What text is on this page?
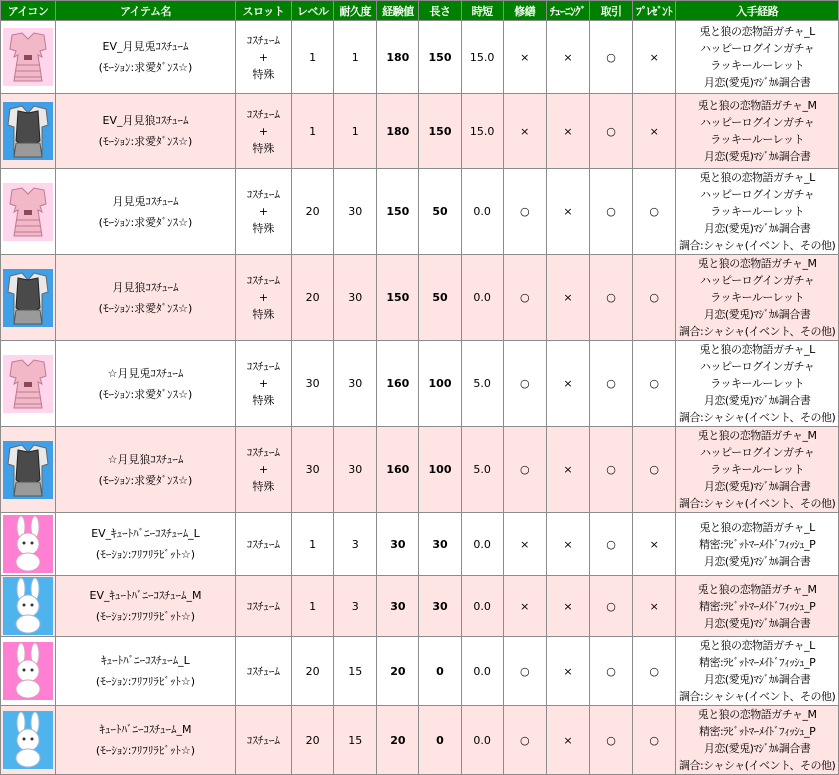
アイコン	アイテム名	スロット	レベル	耐久度	経験値	長さ	時短	修繕	ﾁｭｰﾆﾝｸﾞ	取引	ﾌﾟﾚｾﾞﾝﾄ	入手経路

EV_月見兎ｺｽﾁｭｰﾑ
(ﾓｰｼｮﾝ:求愛ﾀﾞﾝｽ☆)	ｺｽﾁｭｰﾑ
+
特殊	1	1	180	150	15.0	×	×	○	×	兎と狼の恋物語ガチャ_L
ハッピーログインガチャ
ラッキールーレット
月恋(愛兎)ﾏｼﾞｶﾙ調合書

EV_月見狼ｺｽﾁｭｰﾑ
(ﾓｰｼｮﾝ:求愛ﾀﾞﾝｽ☆)	ｺｽﾁｭｰﾑ
+
特殊	1	1	180	150	15.0	×	×	○	×	兎と狼の恋物語ガチャ_M
ハッピーログインガチャ
ラッキールーレット
月恋(愛兎)ﾏｼﾞｶﾙ調合書

月見兎ｺｽﾁｭｰﾑ
(ﾓｰｼｮﾝ:求愛ﾀﾞﾝｽ☆)	ｺｽﾁｭｰﾑ
+
特殊	20	30	150	50	0.0	○	×	○	○	兎と狼の恋物語ガチャ_L
ハッピーログインガチャ
ラッキールーレット
月恋(愛兎)ﾏｼﾞｶﾙ調合書
調合:シャシャ(イベント、その他)

月見狼ｺｽﾁｭｰﾑ
(ﾓｰｼｮﾝ:求愛ﾀﾞﾝｽ☆)	ｺｽﾁｭｰﾑ
+
特殊	20	30	150	50	0.0	○	×	○	○	兎と狼の恋物語ガチャ_M
ハッピーログインガチャ
ラッキールーレット
月恋(愛兎)ﾏｼﾞｶﾙ調合書
調合:シャシャ(イベント、その他)

☆月見兎ｺｽﾁｭｰﾑ
(ﾓｰｼｮﾝ:求愛ﾀﾞﾝｽ☆)	ｺｽﾁｭｰﾑ
+
特殊	30	30	160	100	5.0	○	×	○	○	兎と狼の恋物語ガチャ_L
ハッピーログインガチャ
ラッキールーレット
月恋(愛兎)ﾏｼﾞｶﾙ調合書
調合:シャシャ(イベント、その他)

☆月見狼ｺｽﾁｭｰﾑ
(ﾓｰｼｮﾝ:求愛ﾀﾞﾝｽ☆)	ｺｽﾁｭｰﾑ
+
特殊	30	30	160	100	5.0	○	×	○	○	兎と狼の恋物語ガチャ_M
ハッピーログインガチャ
ラッキールーレット
月恋(愛兎)ﾏｼﾞｶﾙ調合書
調合:シャシャ(イベント、その他)

EV_ｷｭｰﾄﾊﾞﾆｰｺｽﾁｭｰﾑ_L
(ﾓｰｼｮﾝ:ﾌﾘﾌﾘﾗﾋﾞｯﾄ☆)	ｺｽﾁｭｰﾑ	1	3	30	30	0.0	×	×	○	×	兎と狼の恋物語ガチャ_L
精密:ﾗﾋﾞｯﾄﾏｰﾒｲﾄﾞﾌｨｯｼｭ_P
月恋(愛兎)ﾏｼﾞｶﾙ調合書

EV_ｷｭｰﾄﾊﾞﾆｰｺｽﾁｭｰﾑ_M
(ﾓｰｼｮﾝ:ﾌﾘﾌﾘﾗﾋﾞｯﾄ☆)	ｺｽﾁｭｰﾑ	1	3	30	30	0.0	×	×	○	×	兎と狼の恋物語ガチャ_M
精密:ﾗﾋﾞｯﾄﾏｰﾒｲﾄﾞﾌｨｯｼｭ_P
月恋(愛兎)ﾏｼﾞｶﾙ調合書

ｷｭｰﾄﾊﾞﾆｰｺｽﾁｭｰﾑ_L
(ﾓｰｼｮﾝ:ﾌﾘﾌﾘﾗﾋﾞｯﾄ☆)	ｺｽﾁｭｰﾑ	20	15	20	0	0.0	○	×	○	○	兎と狼の恋物語ガチャ_L
精密:ﾗﾋﾞｯﾄﾏｰﾒｲﾄﾞﾌｨｯｼｭ_P
月恋(愛兎)ﾏｼﾞｶﾙ調合書
調合:シャシャ(イベント、その他)

ｷｭｰﾄﾊﾞﾆｰｺｽﾁｭｰﾑ_M
(ﾓｰｼｮﾝ:ﾌﾘﾌﾘﾗﾋﾞｯﾄ☆)	ｺｽﾁｭｰﾑ	20	15	20	0	0.0	○	×	○	○	兎と狼の恋物語ガチャ_M
精密:ﾗﾋﾞｯﾄﾏｰﾒｲﾄﾞﾌｨｯｼｭ_P
月恋(愛兎)ﾏｼﾞｶﾙ調合書
調合:シャシャ(イベント、その他)
